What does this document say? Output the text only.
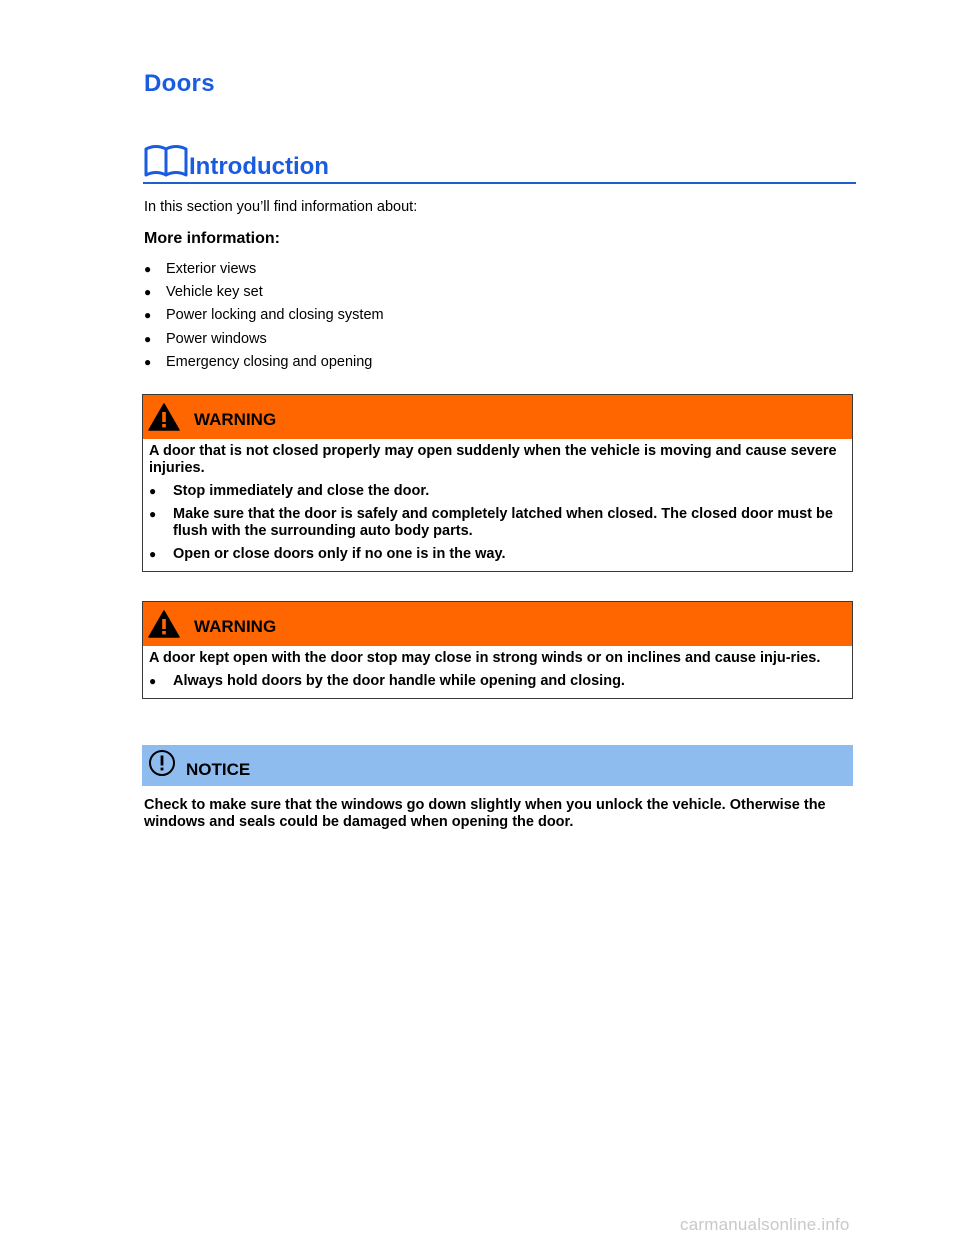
Doors
Introduction
In this section you’ll find information about:
More information:
●	Exterior views
●	Vehicle key set
●	Power locking and closing system
●	Power windows
●	Emergency closing and opening
WARNING

A door that is not closed properly may open suddenly when the vehicle is moving and cause severe injuries.

●	Stop immediately and close the door.
●	Make sure that the door is safely and completely latched when closed. The closed door must be flush with the surrounding auto body parts.
●	Open or close doors only if no one is in the way.
WARNING

A door kept open with the door stop may close in strong winds or on inclines and cause inju-ries.

●	Always hold doors by the door handle while opening and closing.
NOTICE
Check to make sure that the windows go down slightly when you unlock the vehicle. Otherwise the windows and seals could be damaged when opening the door.
carmanualsonline.info
